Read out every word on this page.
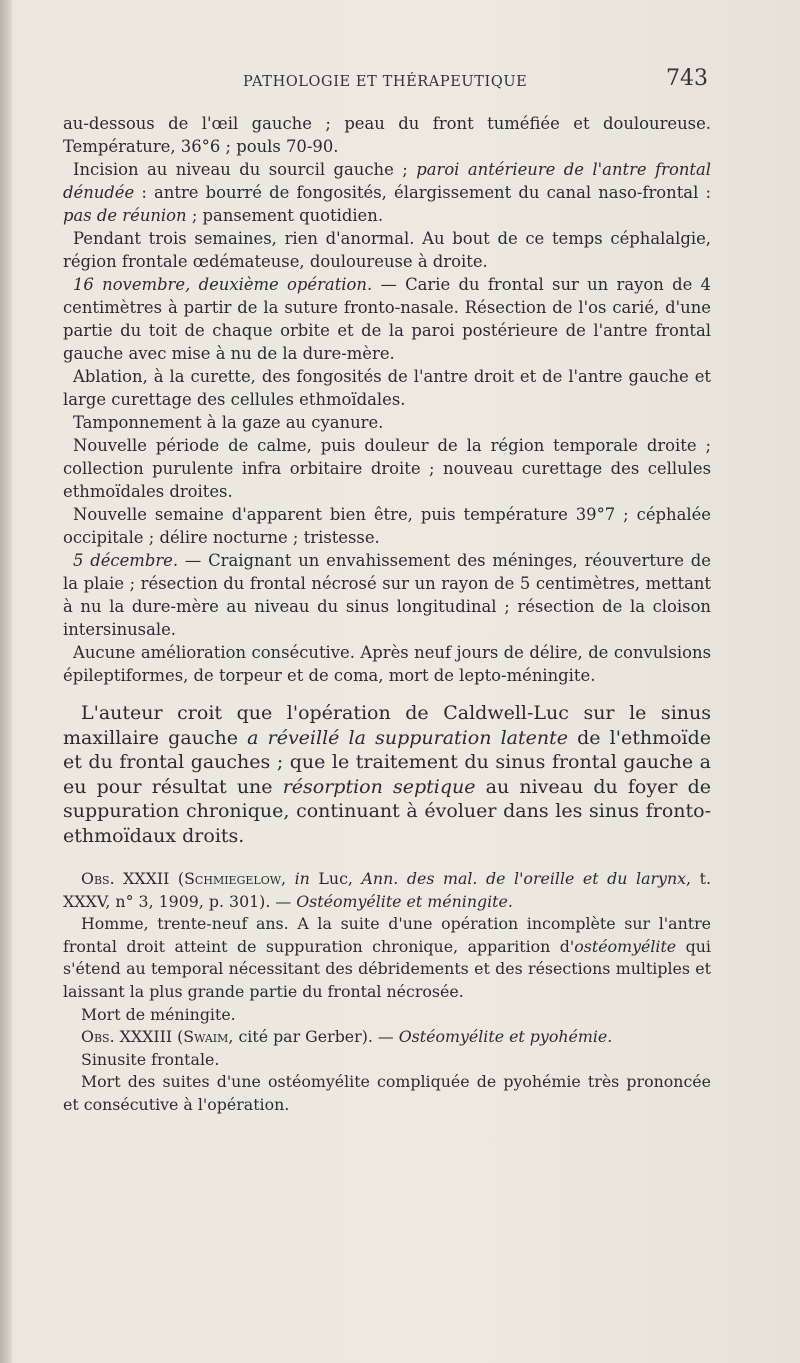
PATHOLOGIE ET THÉRAPEUTIQUE	743

au-dessous de l'œil gauche ; peau du front tuméfiée et douloureuse. Température, 36°6 ; pouls 70-90.

Incision au niveau du sourcil gauche ; paroi antérieure de l'antre frontal dénudée : antre bourré de fongosités, élargissement du canal naso-frontal : pas de réunion ; pansement quotidien.

Pendant trois semaines, rien d'anormal. Au bout de ce temps céphalalgie, région frontale œdémateuse, douloureuse à droite.

16 novembre, deuxième opération. — Carie du frontal sur un rayon de 4 centimètres à partir de la suture fronto-nasale. Résection de l'os carié, d'une partie du toit de chaque orbite et de la paroi postérieure de l'antre frontal gauche avec mise à nu de la dure-mère.

Ablation, à la curette, des fongosités de l'antre droit et de l'antre gauche et large curettage des cellules ethmoïdales.

Tamponnement à la gaze au cyanure.

Nouvelle période de calme, puis douleur de la région temporale droite ; collection purulente infra orbitaire droite ; nouveau curettage des cellules ethmoïdales droites.

Nouvelle semaine d'apparent bien être, puis température 39°7 ; céphalée occipitale ; délire nocturne ; tristesse.

5 décembre. — Craignant un envahissement des méninges, réouverture de la plaie ; résection du frontal nécrosé sur un rayon de 5 centimètres, mettant à nu la dure-mère au niveau du sinus longitudinal ; résection de la cloison intersinusale.

Aucune amélioration consécutive. Après neuf jours de délire, de convulsions épileptiformes, de torpeur et de coma, mort de lepto-méningite.

L'auteur croit que l'opération de Caldwell-Luc sur le sinus maxillaire gauche a réveillé la suppuration latente de l'ethmoïde et du frontal gauches ; que le traitement du sinus frontal gauche a eu pour résultat une résorption septique au niveau du foyer de suppuration chronique, continuant à évoluer dans les sinus fronto-ethmoïdaux droits.

Obs. XXXII (Schmiegelow, in Luc, Ann. des mal. de l'oreille et du larynx, t. XXXV, n° 3, 1909, p. 301). — Ostéomyélite et méningite.

Homme, trente-neuf ans. A la suite d'une opération incomplète sur l'antre frontal droit atteint de suppuration chronique, apparition d'ostéomyélite qui s'étend au temporal nécessitant des débridements et des résections multiples et laissant la plus grande partie du frontal nécrosée.

Mort de méningite.

Obs. XXXIII (Swaim, cité par Gerber). — Ostéomyélite et pyohémie.

Sinusite frontale.

Mort des suites d'une ostéomyélite compliquée de pyohémie très prononcée et consécutive à l'opération.
